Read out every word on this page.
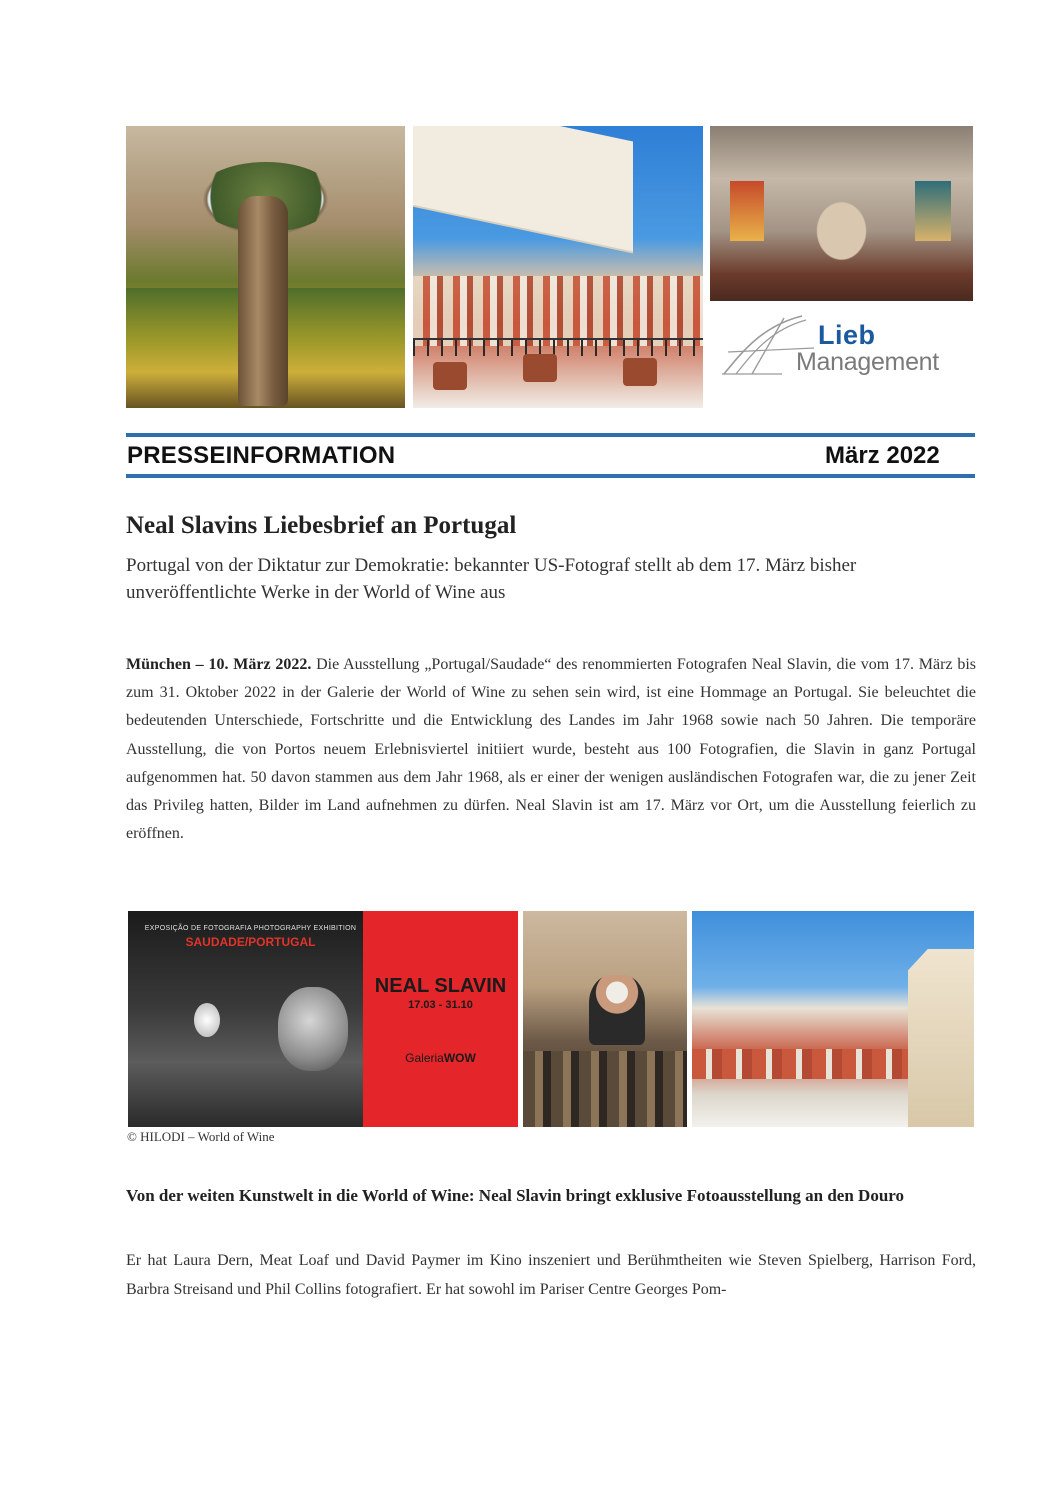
Lieb
Management
PRESSEINFORMATION	März 2022
Neal Slavins Liebesbrief an Portugal
Portugal von der Diktatur zur Demokratie: bekannter US-Fotograf stellt ab dem 17. März bisher unveröffentlichte Werke in der World of Wine aus
München – 10. März 2022. Die Ausstellung „Portugal/Saudade“ des renommierten Fotografen Neal Slavin, die vom 17. März bis zum 31. Oktober 2022 in der Galerie der World of Wine zu sehen sein wird, ist eine Hommage an Portugal. Sie beleuchtet die bedeutenden Unterschiede, Fortschritte und die Entwicklung des Landes im Jahr 1968 sowie nach 50 Jahren. Die temporäre Ausstellung, die von Portos neuem Erlebnisviertel initiiert wurde, besteht aus 100 Fotografien, die Slavin in ganz Portugal aufgenommen hat. 50 davon stammen aus dem Jahr 1968, als er einer der wenigen ausländischen Fotografen war, die zu jener Zeit das Privileg hatten, Bilder im Land aufnehmen zu dürfen. Neal Slavin ist am 17. März vor Ort, um die Ausstellung feierlich zu eröffnen.
EXPOSIÇÃO DE FOTOGRAFIA PHOTOGRAPHY EXHIBITION
SAUDADE/PORTUGAL
NEAL SLAVIN
17.03 - 31.10
GaleriaWOW
© HILODI – World of Wine
Von der weiten Kunstwelt in die World of Wine: Neal Slavin bringt exklusive Fotoausstellung an den Douro
Er hat Laura Dern, Meat Loaf und David Paymer im Kino inszeniert und Berühmtheiten wie Steven Spielberg, Harrison Ford, Barbra Streisand und Phil Collins fotografiert. Er hat sowohl im Pariser Centre Georges Pom-
